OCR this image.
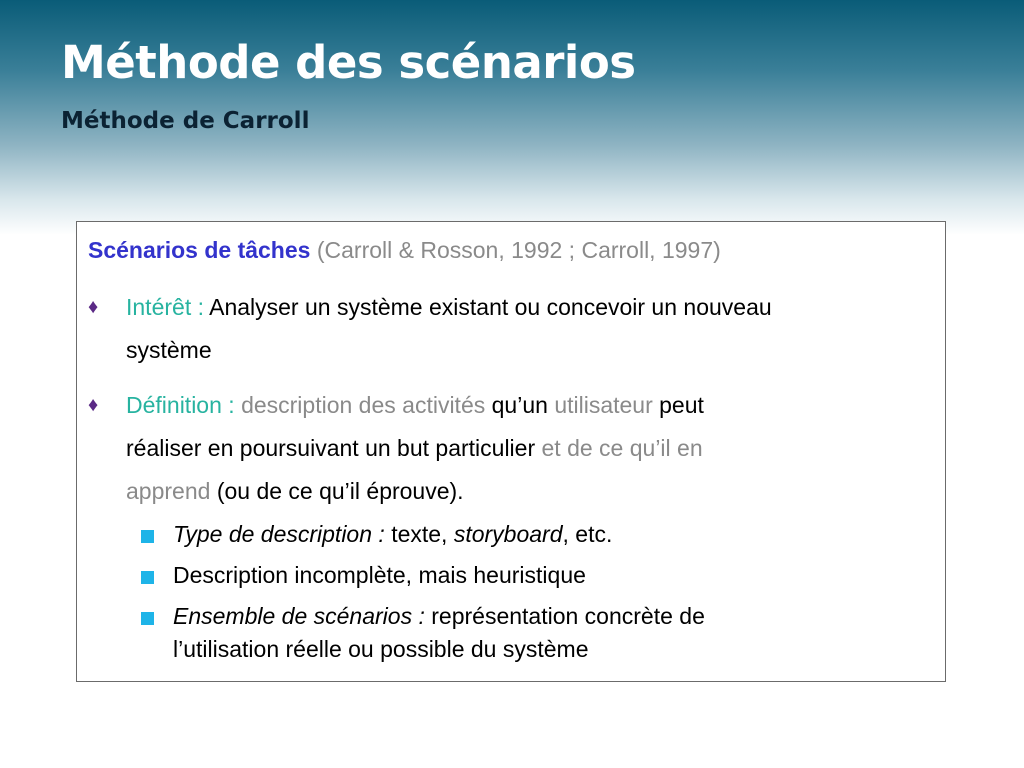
Méthode des scénarios
Méthode de Carroll
Scénarios de tâches (Carroll & Rosson, 1992 ; Carroll, 1997)
♦	Intérêt : Analyser un système existant ou concevoir un nouveau
système
♦	Définition : description des activités qu’un utilisateur peut
réaliser en poursuivant un but particulier et de ce qu’il en
apprend (ou de ce qu’il éprouve).
Type de description : texte, storyboard, etc.
Description incomplète, mais heuristique
Ensemble de scénarios : représentation concrète de
l’utilisation réelle ou possible du système
